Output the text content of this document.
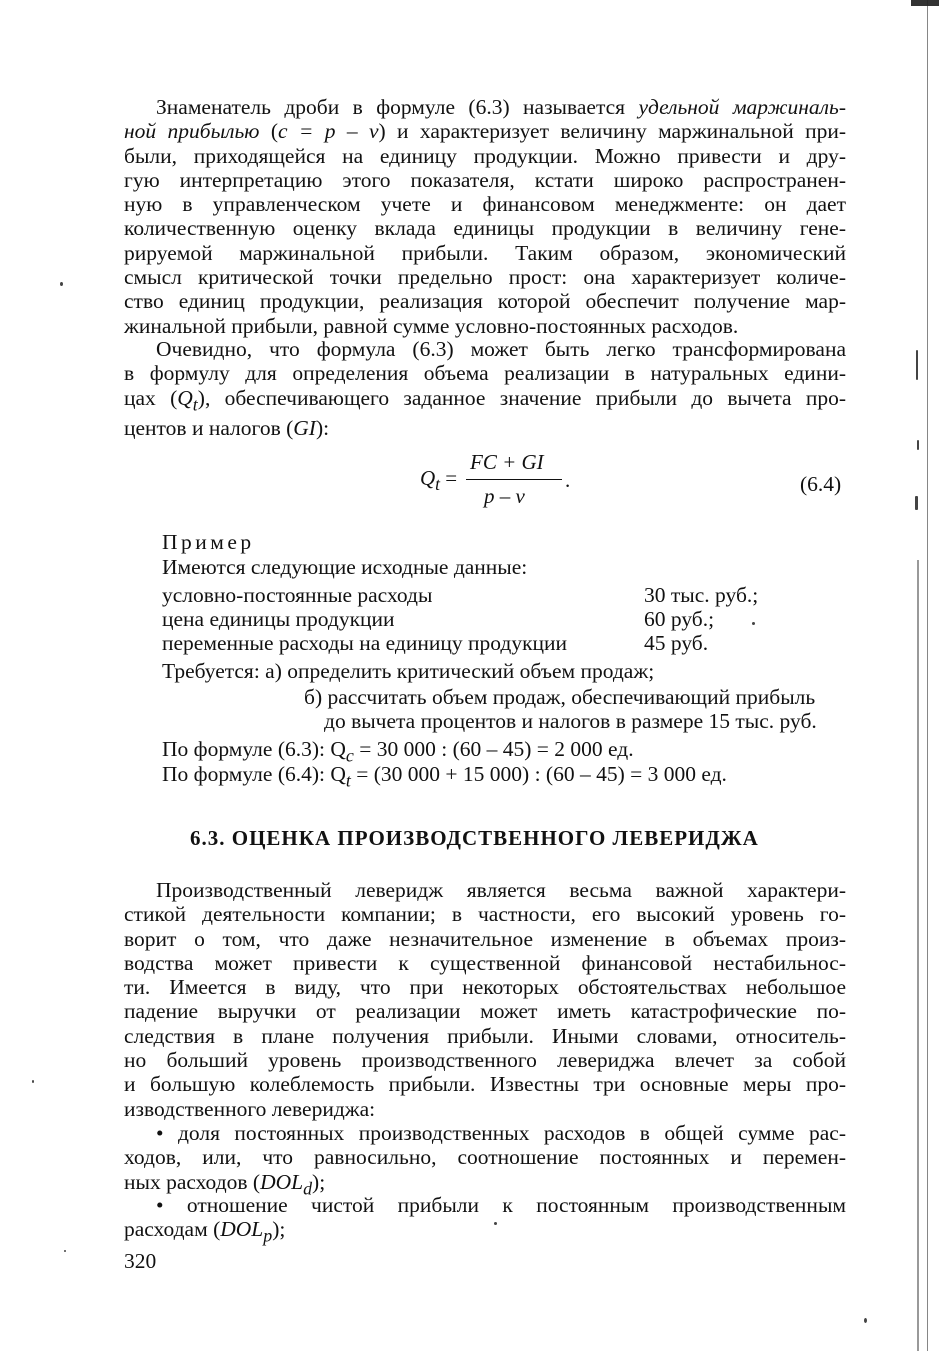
Знаменатель дроби в формуле (6.3) называется удельной маржиналь-
ной прибылью (c = p – v) и характеризует величину маржинальной при-
были, приходящейся на единицу продукции. Можно привести и дру-
гую интерпретацию этого показателя, кстати широко распространен-
ную в управленческом учете и финансовом менеджменте: он дает
количественную оценку вклада единицы продукции в величину гене-
рируемой маржинальной прибыли. Таким образом, экономический
смысл критической точки предельно прост: она характеризует количе-
ство единиц продукции, реализация которой обеспечит получение мар-
жинальной прибыли, равной сумме условно-постоянных расходов.
Очевидно, что формула (6.3) может быть легко трансформирована
в формулу для определения объема реализации в натуральных едини-
цах $(Q_t)$, обеспечивающего заданное значение прибыли до вычета про-
центов и налогов (GI):
$Q_t$ =
FC + GI
p – v
.	(6.4)
Пример
Имеются следующие исходные данные:
условно-постоянные расходы	30 тыс. руб.;
цена единицы продукции	60 руб.;
переменные расходы на единицу продукции	45 руб.
Требуется: а) определить критический объем продаж;
б) рассчитать объем продаж, обеспечивающий прибыль
до вычета процентов и налогов в размере 15 тыс. руб.
По формуле (6.3): $Q_c = 30$ 000 : (60 – 45) = 2 000 ед.
По формуле (6.4): $Q_t = (30$ 000 + 15 000) : (60 – 45) = 3 000 ед.
6.3. ОЦЕНКА ПРОИЗВОДСТВЕННОГО ЛЕВЕРИДЖА
Производственный леверидж является весьма важной характери-
стикой деятельности компании; в частности, его высокий уровень го-
ворит о том, что даже незначительное изменение в объемах произ-
водства может привести к существенной финансовой нестабильнос-
ти. Имеется в виду, что при некоторых обстоятельствах небольшое
падение выручки от реализации может иметь катастрофические по-
следствия в плане получения прибыли. Иными словами, относитель-
но больший уровень производственного левериджа влечет за собой
и большую колеблемость прибыли. Известны три основные меры про-
изводственного левериджа:
• доля постоянных производственных расходов в общей сумме рас-
ходов, или, что равносильно, соотношение постоянных и перемен-
ных расходов $(DOL_d)$;
• отношение чистой прибыли к постоянным производственным
расходам $(DOL_p)$;
320
